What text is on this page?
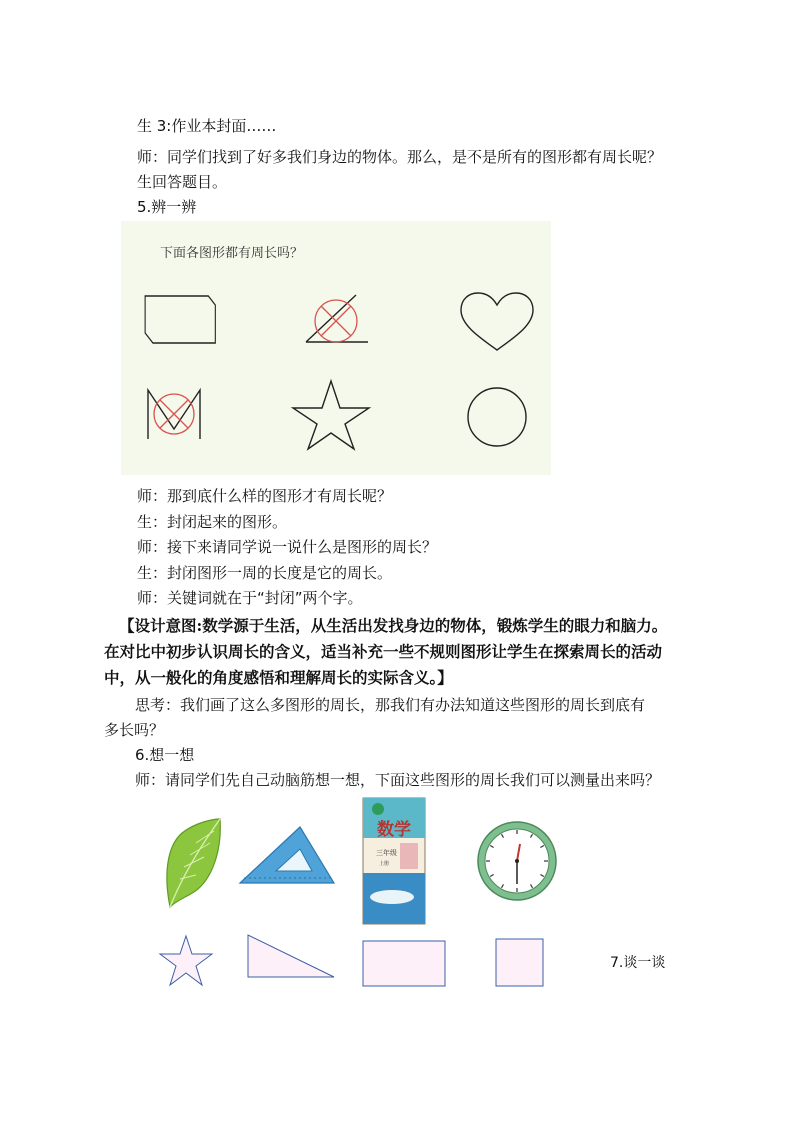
生 3:作业本封面……
师：同学们找到了好多我们身边的物体。那么，是不是所有的图形都有周长呢？
生回答题目。
5.辨一辨
下面各图形都有周长吗？
师：那到底什么样的图形才有周长呢？
生：封闭起来的图形。
师：接下来请同学说一说什么是图形的周长？
生：封闭图形一周的长度是它的周长。
师：关键词就在于“封闭”两个字。
【设计意图:数学源于生活，从生活出发找身边的物体，锻炼学生的眼力和脑力。
在对比中初步认识周长的含义，适当补充一些不规则图形让学生在探索周长的活动
中，从一般化的角度感悟和理解周长的实际含义。】
思考：我们画了这么多图形的周长，那我们有办法知道这些图形的周长到底有
多长吗？
6.想一想
师：请同学们先自己动脑筋想一想，下面这些图形的周长我们可以测量出来吗？
数学
三年级
上册
7.谈一谈
